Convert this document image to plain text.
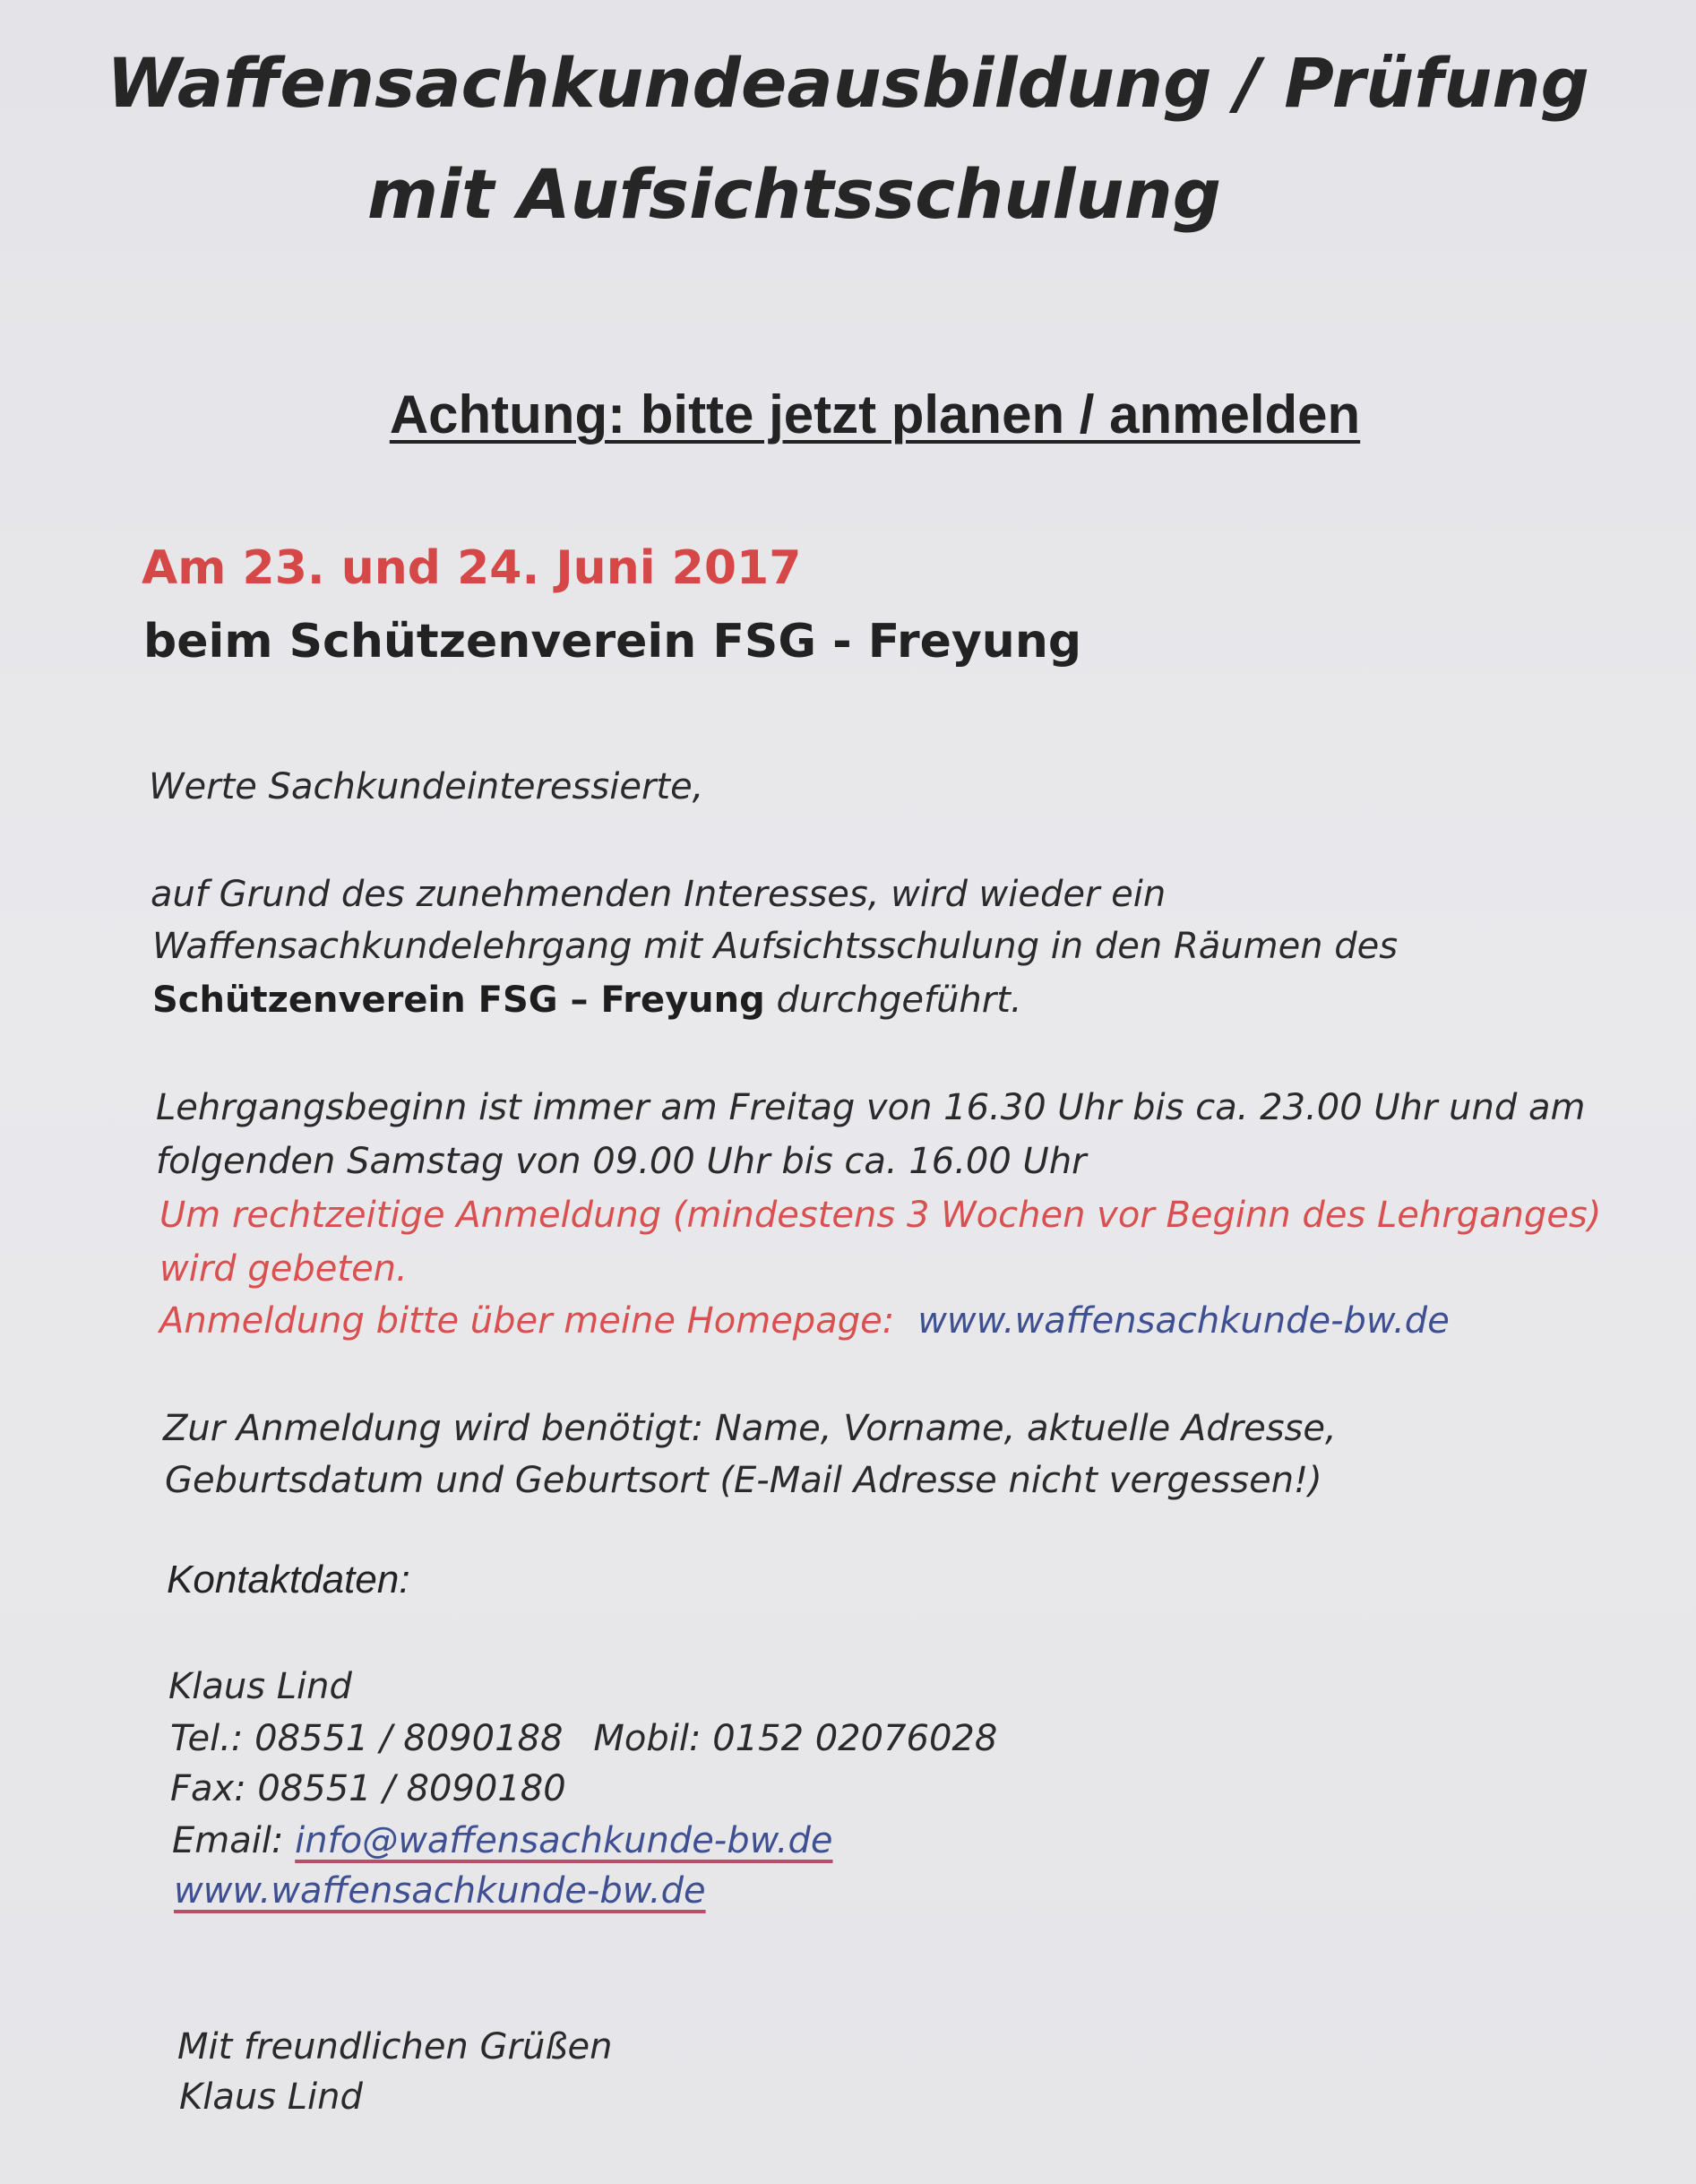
Waffensachkundeausbildung / Prüfung
mit Aufsichtsschulung
Achtung: bitte jetzt planen / anmelden
Am 23. und 24. Juni 2017
beim Schützenverein FSG - Freyung
Werte Sachkundeinteressierte,
auf Grund des zunehmenden Interesses, wird wieder ein
Waffensachkundelehrgang mit Aufsichtsschulung in den Räumen des
Schützenverein FSG – Freyung durchgeführt.
Lehrgangsbeginn ist immer am Freitag von 16.30 Uhr bis ca. 23.00 Uhr und am
folgenden Samstag von 09.00 Uhr bis ca. 16.00 Uhr
Um rechtzeitige Anmeldung (mindestens 3 Wochen vor Beginn des Lehrganges)
wird gebeten.
Anmeldung bitte über meine Homepage: www.waffensachkunde-bw.de
Zur Anmeldung wird benötigt: Name, Vorname, aktuelle Adresse,
Geburtsdatum und Geburtsort (E-Mail Adresse nicht vergessen!)
Kontaktdaten:
Klaus Lind
Tel.: 08551 / 8090188 Mobil: 0152 02076028
Fax: 08551 / 8090180
Email: info@waffensachkunde-bw.de
www.waffensachkunde-bw.de
Mit freundlichen Grüßen
Klaus Lind
